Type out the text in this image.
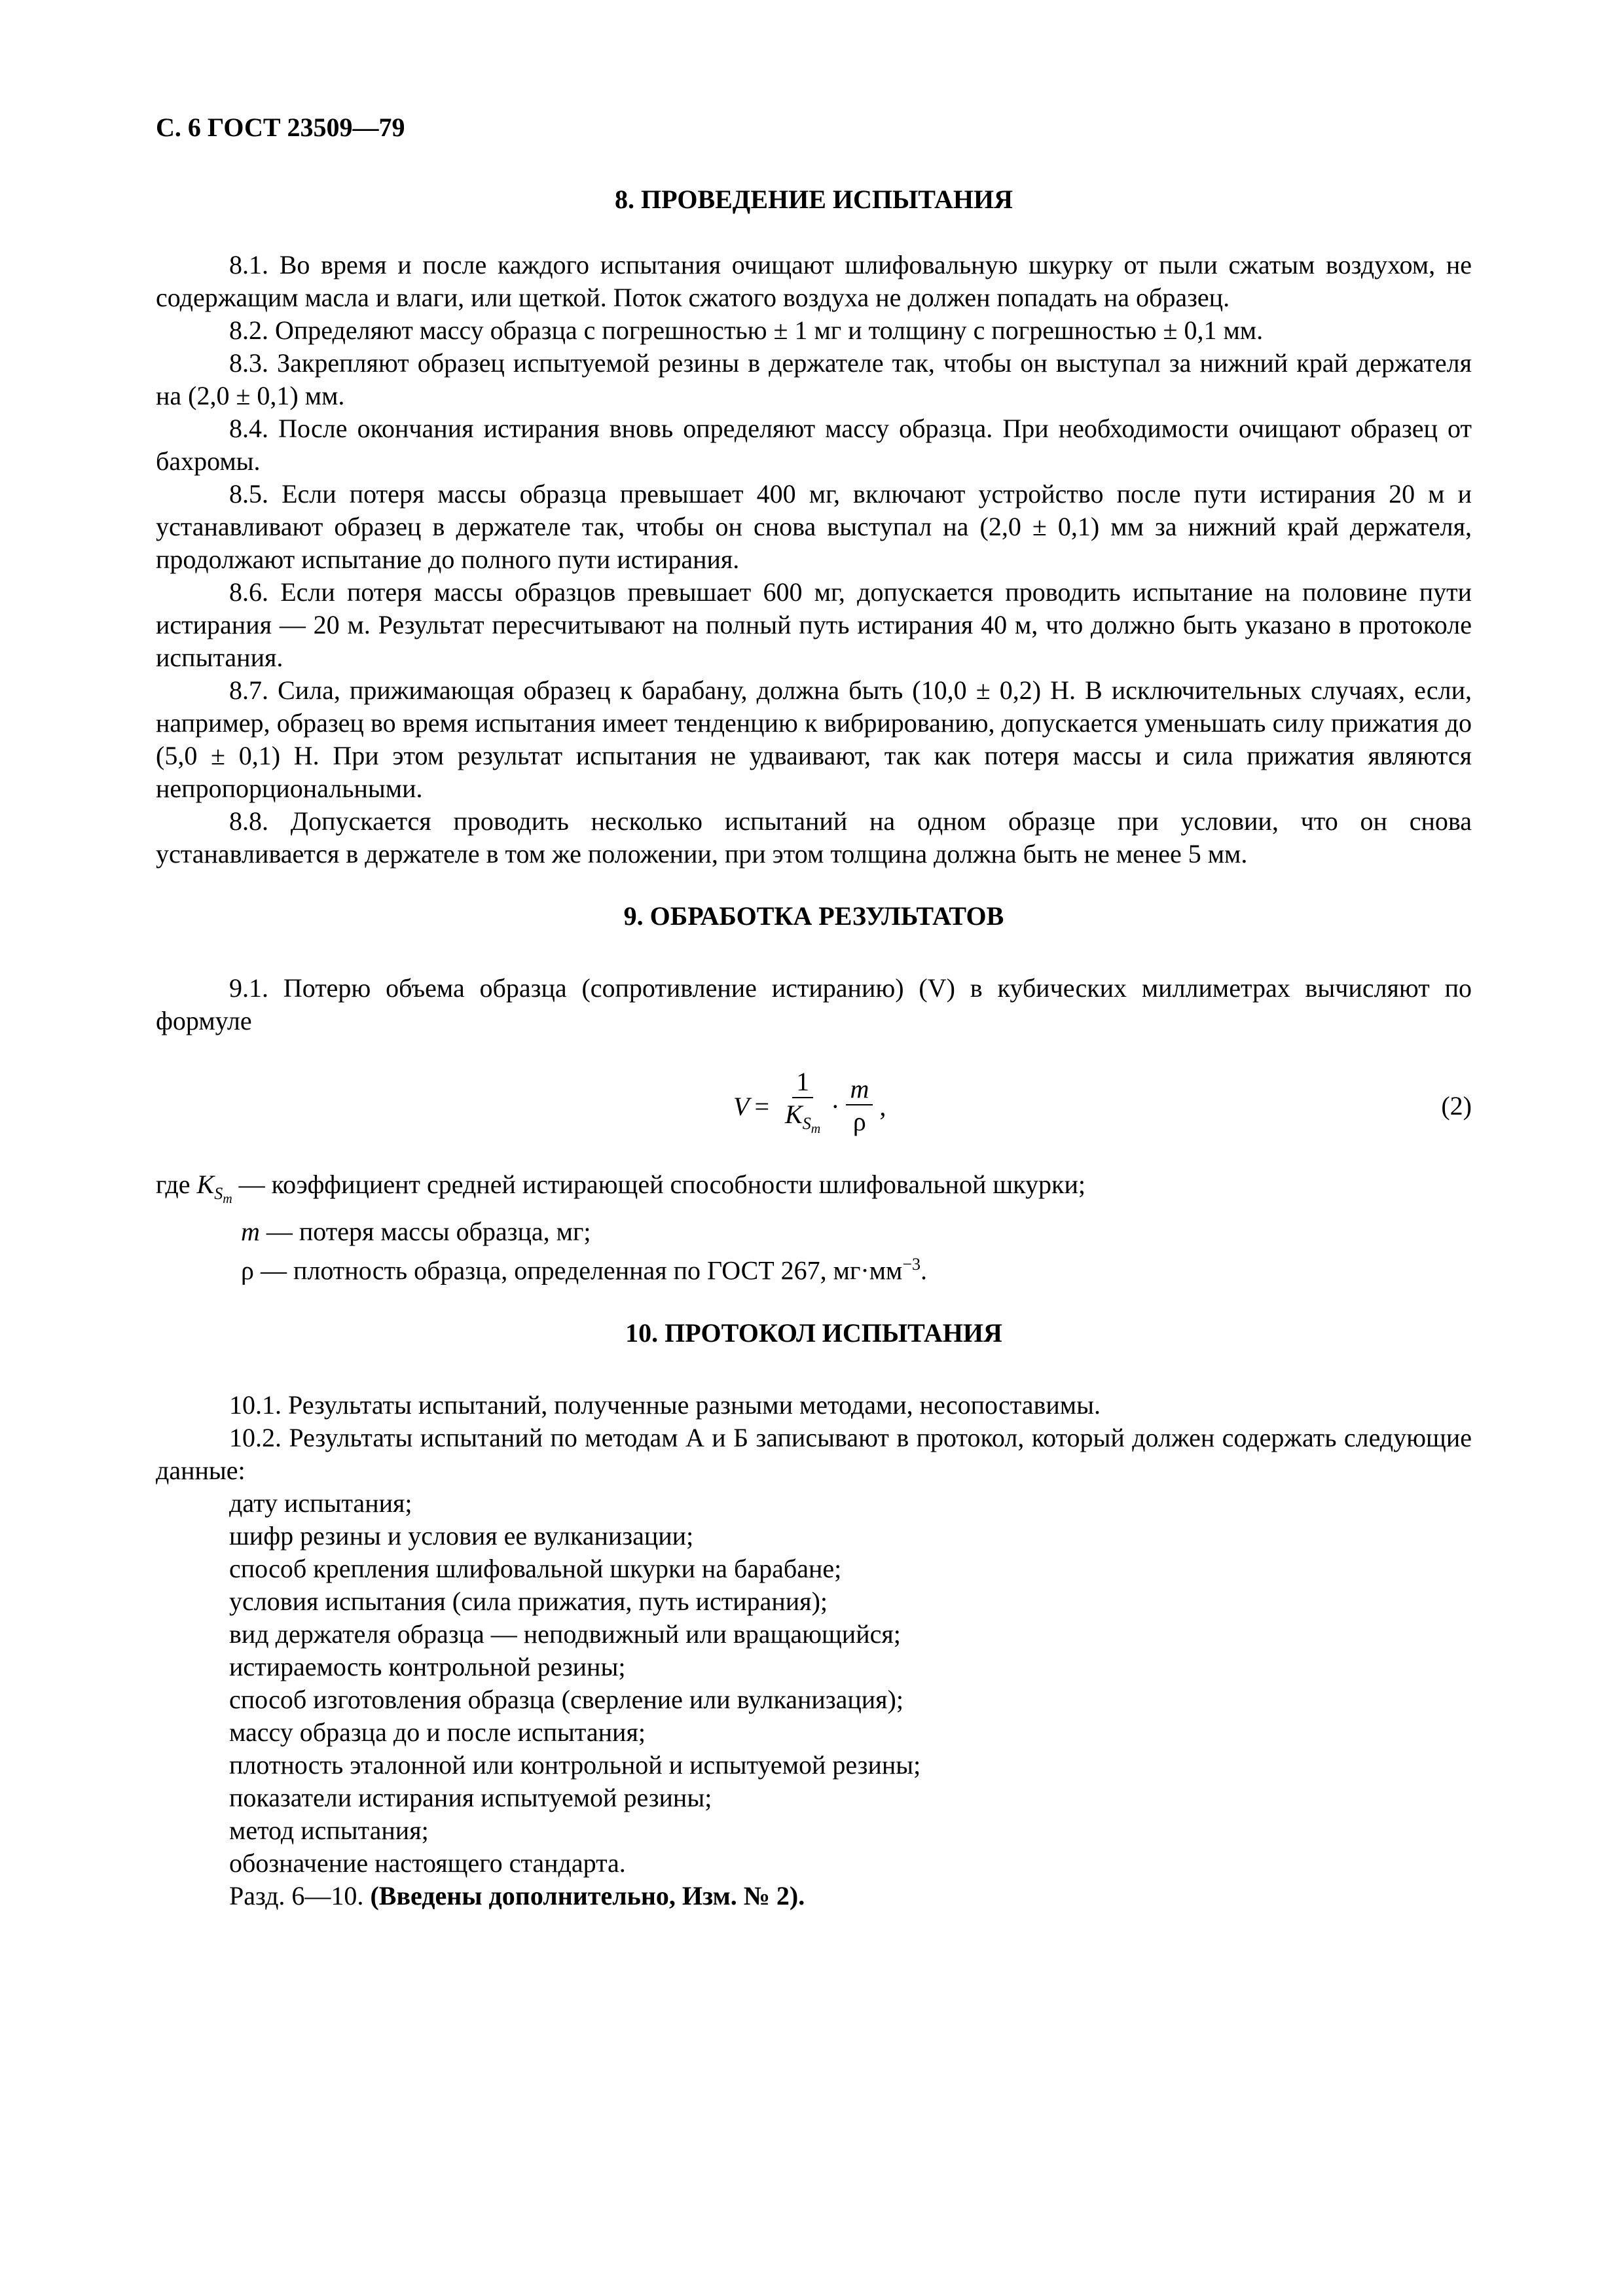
С. 6 ГОСТ 23509—79
8. ПРОВЕДЕНИЕ ИСПЫТАНИЯ

8.1. Во время и после каждого испытания очищают шлифовальную шкурку от пыли сжатым воздухом, не содержащим масла и влаги, или щеткой. Поток сжатого воздуха не должен попадать на образец.

8.2. Определяют массу образца с погрешностью ± 1 мг и толщину с погрешностью ± 0,1 мм.

8.3. Закрепляют образец испытуемой резины в держателе так, чтобы он выступал за нижний край держателя на (2,0 ± 0,1) мм.

8.4. После окончания истирания вновь определяют массу образца. При необходимости очищают образец от бахромы.

8.5. Если потеря массы образца превышает 400 мг, включают устройство после пути истирания 20 м и устанавливают образец в держателе так, чтобы он снова выступал на (2,0 ± 0,1) мм за нижний край держателя, продолжают испытание до полного пути истирания.

8.6. Если потеря массы образцов превышает 600 мг, допускается проводить испытание на половине пути истирания — 20 м. Результат пересчитывают на полный путь истирания 40 м, что должно быть указано в протоколе испытания.

8.7. Сила, прижимающая образец к барабану, должна быть (10,0 ± 0,2) Н. В исключительных случаях, если, например, образец во время испытания имеет тенденцию к вибрированию, допускается уменьшать силу прижатия до (5,0 ± 0,1) Н. При этом результат испытания не удваивают, так как потеря массы и сила прижатия являются непропорциональными.

8.8. Допускается проводить несколько испытаний на одном образце при условии, что он снова устанавливается в держателе в том же положении, при этом толщина должна быть не менее 5 мм.

9. ОБРАБОТКА РЕЗУЛЬТАТОВ

9.1. Потерю объема образца (сопротивление истиранию) (V) в кубических миллиметрах вычисляют по формуле

$V = \frac{1}{K_{S_m}} \cdot \frac{m}{\rho}$ ,	(2)

где $K_{S_m}$ — коэффициент средней истирающей способности шлифовальной шкурки;

m — потеря массы образца, мг;

ρ — плотность образца, определенная по ГОСТ 267, $мг\cdot мм^{-3}$.

10. ПРОТОКОЛ ИСПЫТАНИЯ

10.1. Результаты испытаний, полученные разными методами, несопоставимы.

10.2. Результаты испытаний по методам А и Б записывают в протокол, который должен содержать следующие данные:

дату испытания;

шифр резины и условия ее вулканизации;

способ крепления шлифовальной шкурки на барабане;

условия испытания (сила прижатия, путь истирания);

вид держателя образца — неподвижный или вращающийся;

истираемость контрольной резины;

способ изготовления образца (сверление или вулканизация);

массу образца до и после испытания;

плотность эталонной или контрольной и испытуемой резины;

показатели истирания испытуемой резины;

метод испытания;

обозначение настоящего стандарта.

Разд. 6—10. (Введены дополнительно, Изм. № 2).
